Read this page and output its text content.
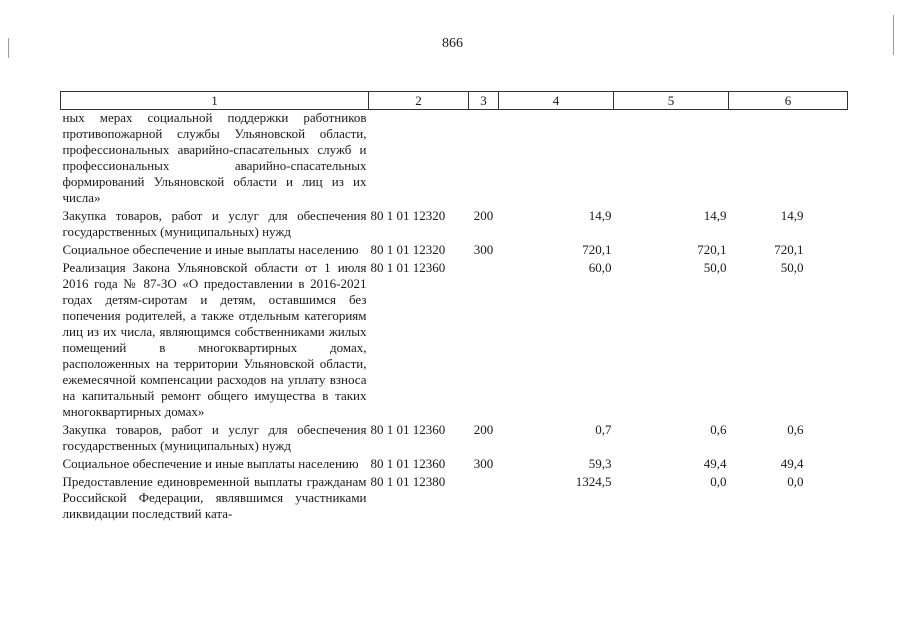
866
1	2	3	4	5	6
ных мерах социальной поддержки работников противопожарной службы Ульяновской области, профессиональных аварийно-спасательных служб и профессиональных аварийно-спасательных формирований Ульяновской области и лиц из их числа»					
Закупка товаров, работ и услуг для обеспечения государственных (муниципальных) нужд	80 1 01 12320	200	14,9	14,9	14,9
Социальное обеспечение и иные выплаты населению	80 1 01 12320	300	720,1	720,1	720,1
Реализация Закона Ульяновской области от 1 июля 2016 года № 87-ЗО «О предоставлении в 2016-2021 годах детям-сиротам и детям, оставшимся без попечения родителей, а также отдельным категориям лиц из их числа, являющимся собственниками жилых помещений в многоквартирных домах, расположенных на территории Ульяновской области, ежемесячной компенсации расходов на уплату взноса на капитальный ремонт общего имущества в таких многоквартирных домах»	80 1 01 12360		60,0	50,0	50,0
Закупка товаров, работ и услуг для обеспечения государственных (муниципальных) нужд	80 1 01 12360	200	0,7	0,6	0,6
Социальное обеспечение и иные выплаты населению	80 1 01 12360	300	59,3	49,4	49,4
Предоставление единовременной выплаты гражданам Российской Федерации, являвшимся участниками ликвидации последствий ката-	80 1 01 12380		1324,5	0,0	0,0
